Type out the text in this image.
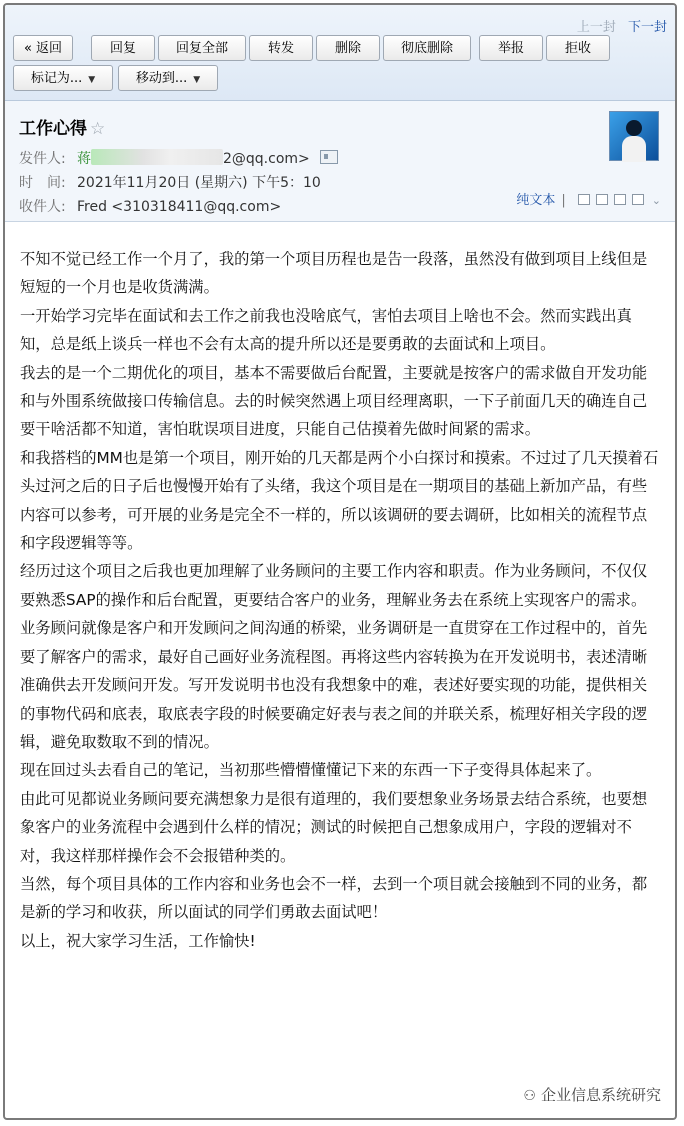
上一封 下一封
« 返回	回复	回复全部	转发	删除	彻底删除	举报	拒收
标记为... ▼	移动到... ▼
工作心得 ☆
发件人: 蒋	2@qq.com>
时　间: 2021年11月20日 (星期六) 下午5：10
收件人: Fred <310318411@qq.com>	纯文本 |	⌄

不知不觉已经工作一个月了，我的第一个项目历程也是告一段落，虽然没有做到项目上线但是短短的一个月也是收货满满。

一开始学习完毕在面试和去工作之前我也没啥底气，害怕去项目上啥也不会。然而实践出真知，总是纸上谈兵一样也不会有太高的提升所以还是要勇敢的去面试和上项目。

我去的是一个二期优化的项目，基本不需要做后台配置，主要就是按客户的需求做自开发功能和与外围系统做接口传输信息。去的时候突然遇上项目经理离职，一下子前面几天的确连自己要干啥活都不知道，害怕耽误项目进度，只能自己估摸着先做时间紧的需求。

和我搭档的MM也是第一个项目，刚开始的几天都是两个小白探讨和摸索。不过过了几天摸着石头过河之后的日子后也慢慢开始有了头绪，我这个项目是在一期项目的基础上新加产品，有些内容可以参考，可开展的业务是完全不一样的，所以该调研的要去调研，比如相关的流程节点和字段逻辑等等。

经历过这个项目之后我也更加理解了业务顾问的主要工作内容和职责。作为业务顾问，不仅仅要熟悉SAP的操作和后台配置，更要结合客户的业务，理解业务去在系统上实现客户的需求。业务顾问就像是客户和开发顾问之间沟通的桥梁，业务调研是一直贯穿在工作过程中的，首先要了解客户的需求，最好自己画好业务流程图。再将这些内容转换为在开发说明书，表述清晰准确供去开发顾问开发。写开发说明书也没有我想象中的难，表述好要实现的功能，提供相关的事物代码和底表，取底表字段的时候要确定好表与表之间的并联关系，梳理好相关字段的逻辑，避免取数取不到的情况。

现在回过头去看自己的笔记，当初那些懵懵懂懂记下来的东西一下子变得具体起来了。

由此可见都说业务顾问要充满想象力是很有道理的，我们要想象业务场景去结合系统，也要想象客户的业务流程中会遇到什么样的情况；测试的时候把自己想象成用户，字段的逻辑对不对，我这样那样操作会不会报错种类的。

当然，每个项目具体的工作内容和业务也会不一样，去到一个项目就会接触到不同的业务，都是新的学习和收获，所以面试的同学们勇敢去面试吧！

以上，祝大家学习生活，工作愉快!

⚇ 企业信息系统研究
